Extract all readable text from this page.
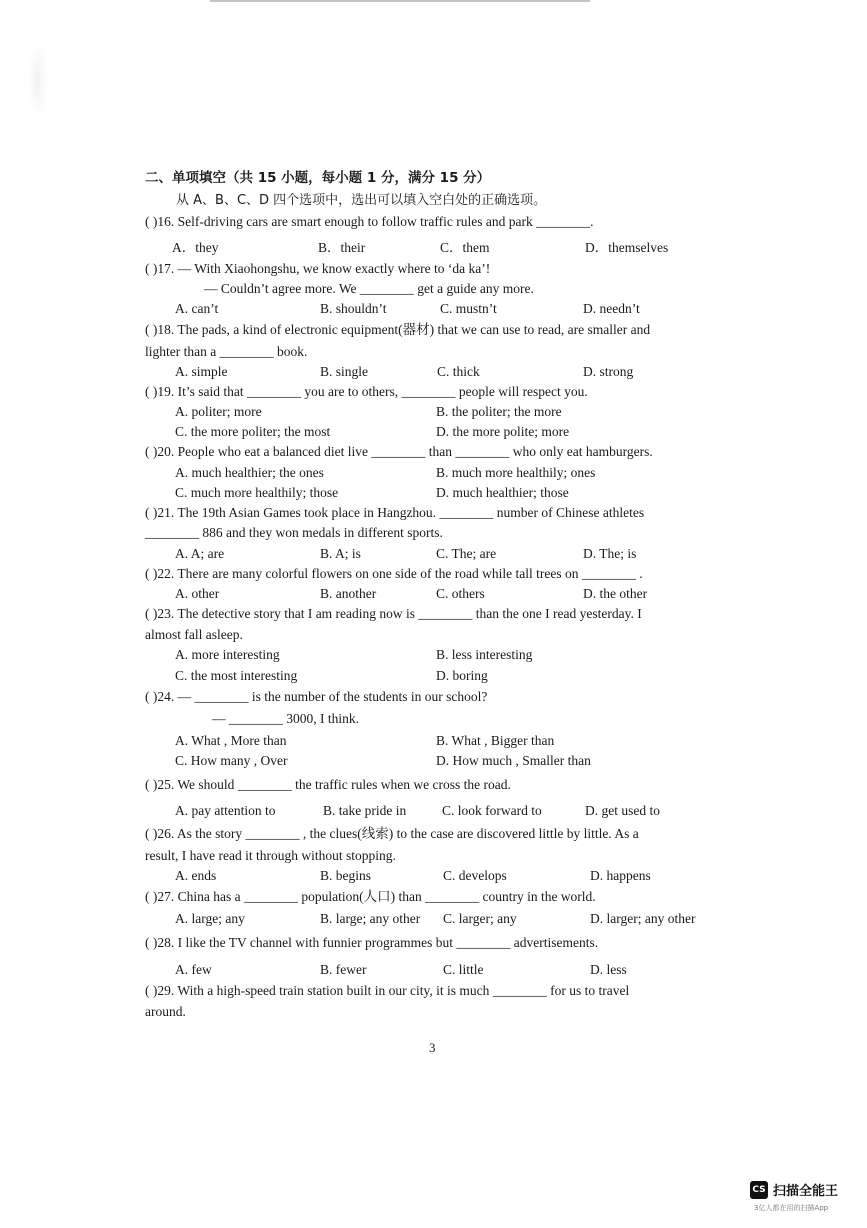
二、单项填空（共 15 小题，每小题 1 分，满分 15 分）
从 A、B、C、D 四个选项中，选出可以填入空白处的正确选项。
( )16. Self-driving cars are smart enough to follow traffic rules and park ________.
A．they	B．their	C．them	D．themselves
( )17. — With Xiaohongshu, we know exactly where to ‘da ka’!
— Couldn’t agree more. We ________ get a guide any more.
A. can’t	B. shouldn’t	C. mustn’t	D. needn’t
( )18. The pads, a kind of electronic equipment(器材) that we can use to read, are smaller and
lighter than a ________ book.
A. simple	B. single	C. thick	D. strong
( )19. It’s said that ________ you are to others, ________ people will respect you.
A. politer; more	B. the politer; the more
C. the more politer; the most	D. the more polite; more
( )20. People who eat a balanced diet live ________ than ________ who only eat hamburgers.
A. much healthier; the ones	B. much more healthily; ones
C. much more healthily; those	D. much healthier; those
( )21. The 19th Asian Games took place in Hangzhou. ________ number of Chinese athletes
________ 886 and they won medals in different sports.
A. A; are	B. A; is	C. The; are	D. The; is
( )22. There are many colorful flowers on one side of the road while tall trees on ________ .
A. other	B. another	C. others	D. the other
( )23. The detective story that I am reading now is ________ than the one I read yesterday. I
almost fall asleep.
A. more interesting	B. less interesting
C. the most interesting	D. boring
( )24. — ________ is the number of the students in our school?
— ________ 3000, I think.
A. What , More than	B. What , Bigger than
C. How many , Over	D. How much , Smaller than
( )25. We should ________ the traffic rules when we cross the road.
A. pay attention to	B. take pride in	C. look forward to	D. get used to
( )26. As the story ________ , the clues(线索) to the case are discovered little by little. As a
result, I have read it through without stopping.
A. ends	B. begins	C. develops	D. happens
( )27. China has a ________ population(人口) than ________ country in the world.
A. large; any	B. large; any other C. larger; any	D. larger; any other
( )28. I like the TV channel with funnier programmes but ________ advertisements.
A. few	B. fewer	C. little	D. less
( )29. With a high-speed train station built in our city, it is much ________ for us to travel
around.
3
CS 扫描全能王
3亿人都在用的扫描App
